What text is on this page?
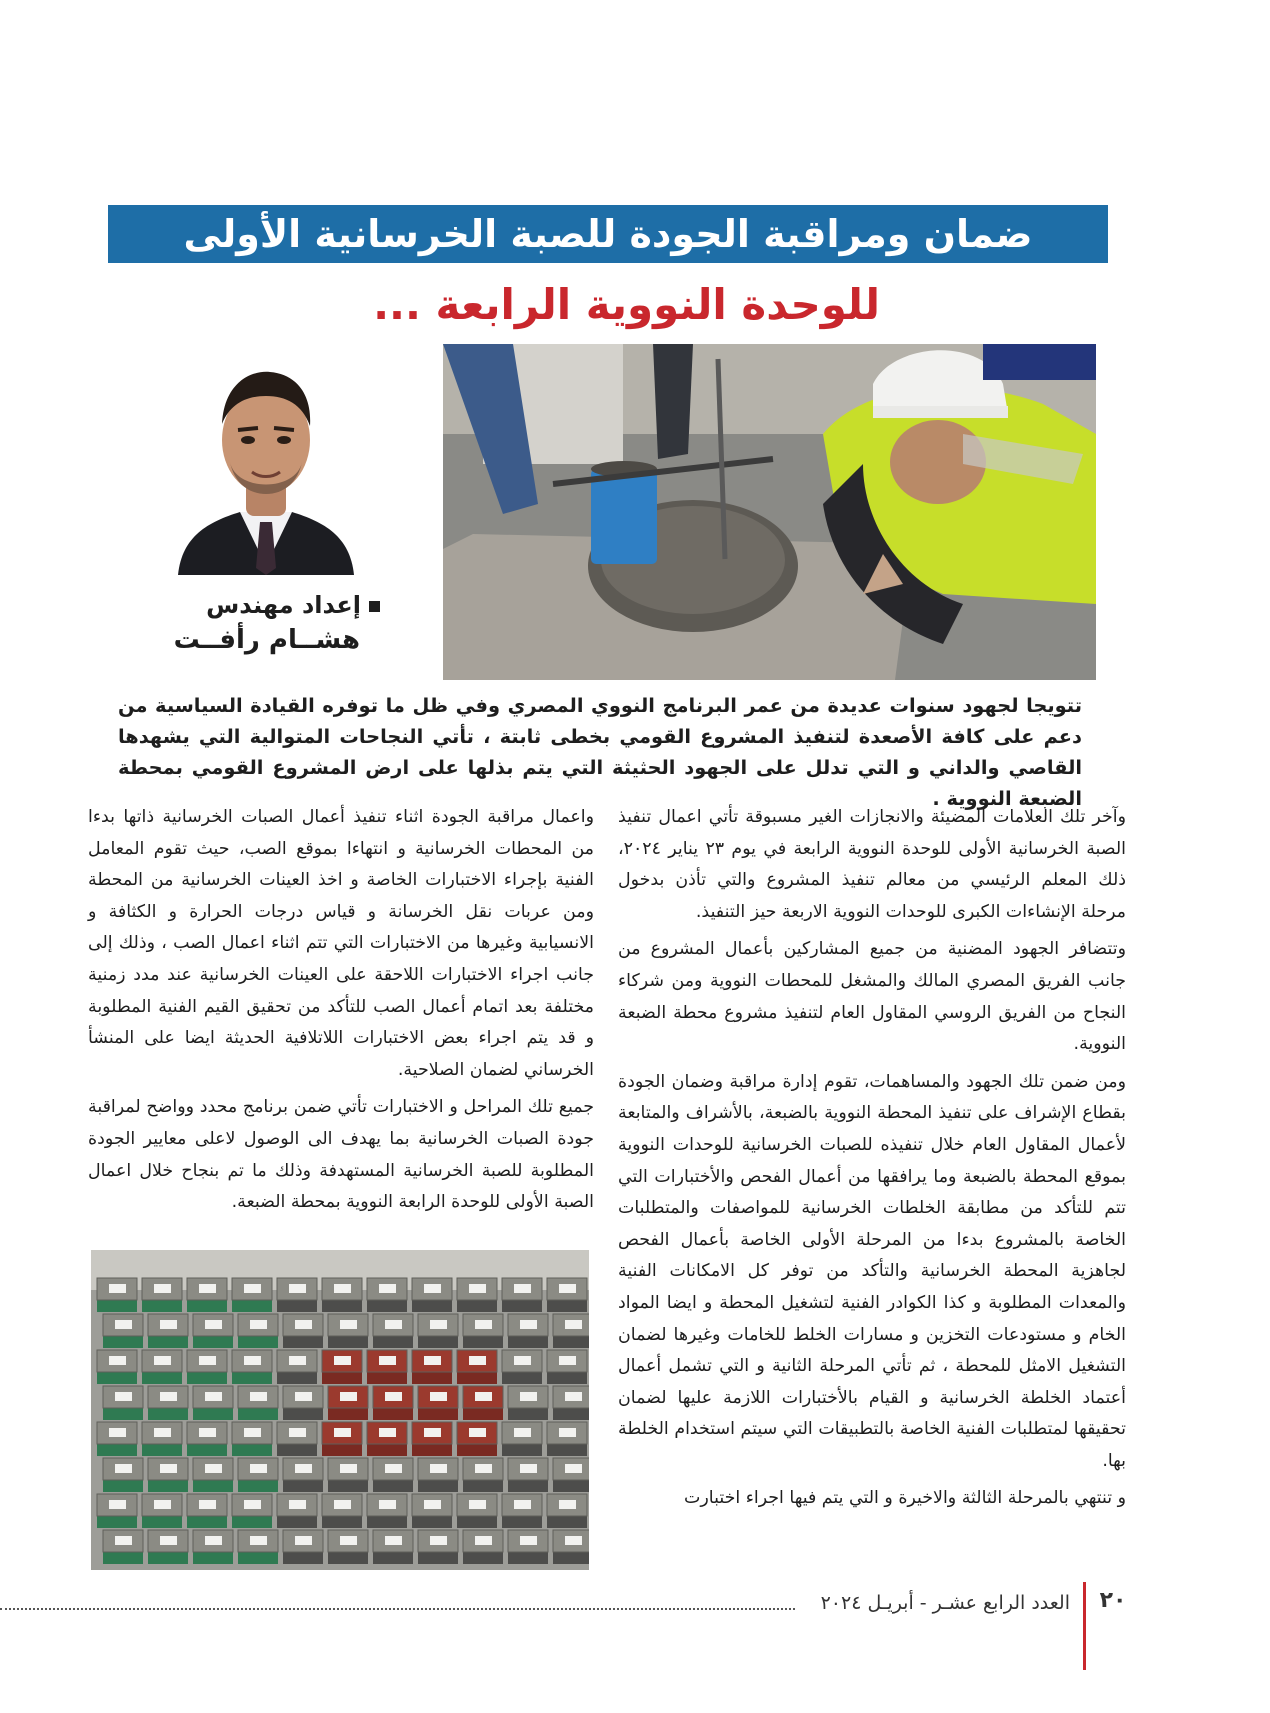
ضمان ومراقبة الجودة للصبة الخرسانية الأولى
للوحدة النووية الرابعة ...
إعداد مهندس
هشــام رأفــت
تتويجا لجهود سنوات عديدة من عمر البرنامج النووي المصري وفي ظل ما توفره القيادة السياسية من دعم على كافة الأصعدة لتنفيذ المشروع القومي بخطى ثابتة ، تأتي النجاحات المتوالية التي يشهدها القاصي والداني و التي تدلل على الجهود الحثيثة التي يتم بذلها على ارض المشروع القومي بمحطة الضبعة النووية .

وآخر تلك العلامات المضيئة والانجازات الغير مسبوقة تأتي اعمال تنفيذ الصبة الخرسانية الأولى للوحدة النووية الرابعة في يوم ٢٣ يناير ٢٠٢٤، ذلك المعلم الرئيسي من معالم تنفيذ المشروع والتي تأذن بدخول مرحلة الإنشاءات الكبرى للوحدات النووية الاربعة حيز التنفيذ.

وتتضافر الجهود المضنية من جميع المشاركين بأعمال المشروع من جانب الفريق المصري المالك والمشغل للمحطات النووية ومن شركاء النجاح من الفريق الروسي المقاول العام لتنفيذ مشروع محطة الضبعة النووية.

ومن ضمن تلك الجهود والمساهمات، تقوم إدارة مراقبة وضمان الجودة بقطاع الإشراف على تنفيذ المحطة النووية بالضبعة، بالأشراف والمتابعة لأعمال المقاول العام خلال تنفيذه للصبات الخرسانية للوحدات النووية بموقع المحطة بالضبعة وما يرافقها من أعمال الفحص والأختبارات التي تتم للتأكد من مطابقة الخلطات الخرسانية للمواصفات والمتطلبات الخاصة بالمشروع بدءا من المرحلة الأولى الخاصة بأعمال الفحص لجاهزية المحطة الخرسانية والتأكد من توفر كل الامكانات الفنية والمعدات المطلوبة و كذا الكوادر الفنية لتشغيل المحطة و ايضا المواد الخام و مستودعات التخزين و مسارات الخلط للخامات وغيرها لضمان التشغيل الامثل للمحطة ، ثم تأتي المرحلة الثانية و التي تشمل أعمال أعتماد الخلطة الخرسانية و القيام بالأختبارات اللازمة عليها لضمان تحقيقها لمتطلبات الفنية الخاصة بالتطبيقات التي سيتم استخدام الخلطة بها.

و تنتهي بالمرحلة الثالثة والاخيرة و التي يتم فيها اجراء اختبارت

واعمال مراقبة الجودة اثناء تنفيذ أعمال الصبات الخرسانية ذاتها بدءا من المحطات الخرسانية و انتهاءا بموقع الصب، حيث تقوم المعامل الفنية بإجراء الاختبارات الخاصة و اخذ العينات الخرسانية من المحطة ومن عربات نقل الخرسانة و قياس درجات الحرارة و الكثافة و الانسيابية وغيرها من الاختبارات التي تتم اثناء اعمال الصب ، وذلك إلى جانب اجراء الاختبارات اللاحقة على العينات الخرسانية عند مدد زمنية مختلفة بعد اتمام أعمال الصب للتأكد من تحقيق القيم الفنية المطلوبة و قد يتم اجراء بعض الاختبارات اللاتلافية الحديثة ايضا على المنشأ الخرساني لضمان الصلاحية.

جميع تلك المراحل و الاختبارات تأتي ضمن برنامج محدد وواضح لمراقبة جودة الصبات الخرسانية بما يهدف الى الوصول لاعلى معايير الجودة المطلوبة للصبة الخرسانية المستهدفة وذلك ما تم بنجاح خلال اعمال الصبة الأولى للوحدة الرابعة النووية بمحطة الضبعة.

العدد الرابع عشـر - أبريـل ٢٠٢٤	٢٠
